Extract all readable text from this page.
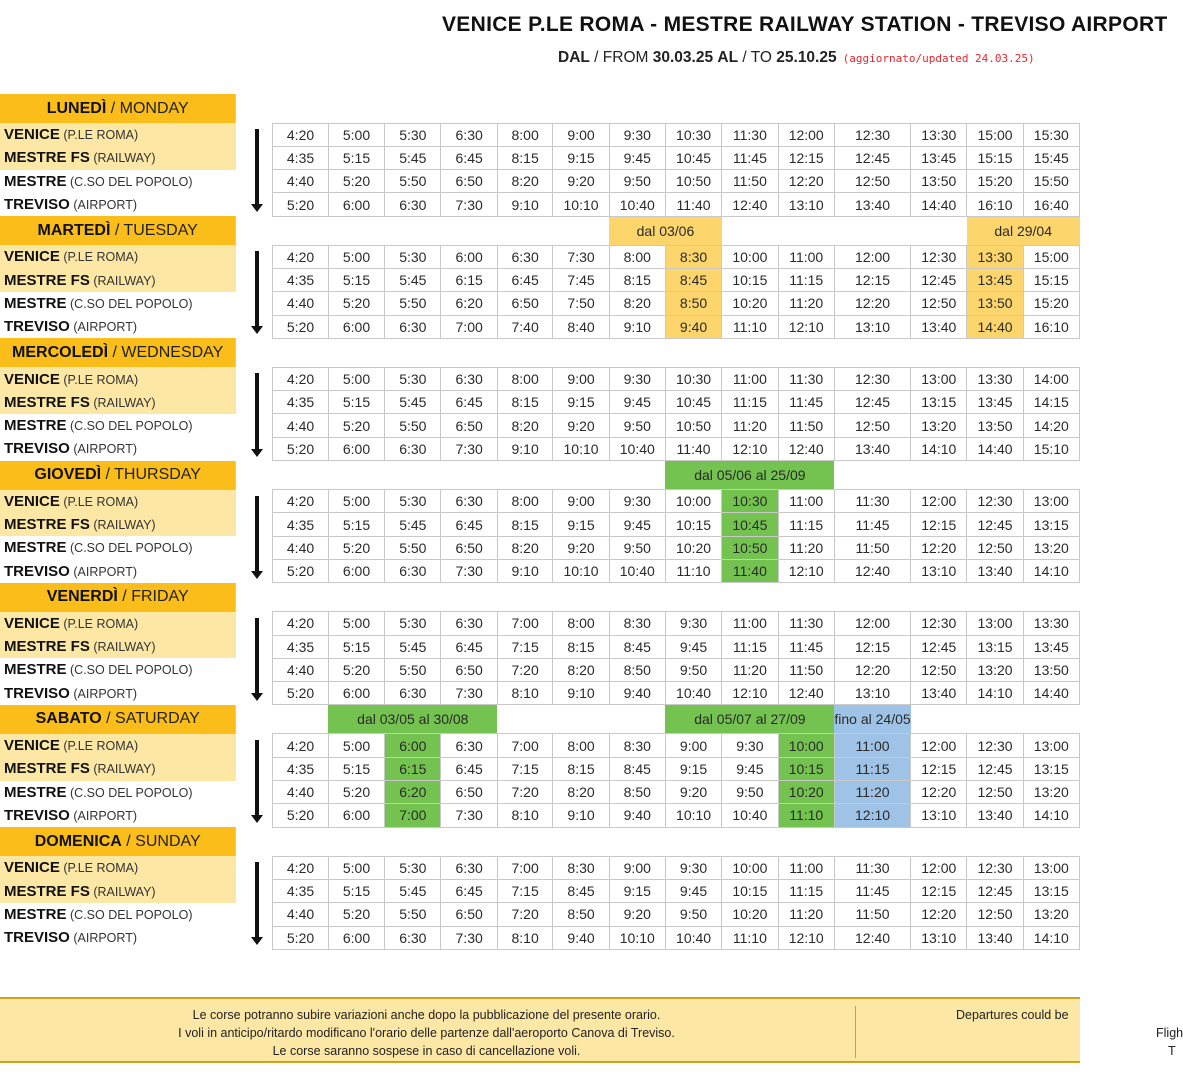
VENICE P.LE ROMA - MESTRE RAILWAY STATION - TREVISO AIRPORT
DAL / FROM 30.03.25 AL / TO 25.10.25 (aggiornato/updated 24.03.25)
LUNEDÌ / MONDAY															
VENICE (P.LE ROMA)		4:20	5:00	5:30	6:30	8:00	9:00	9:30	10:30	11:30	12:00	12:30	13:30	15:00	15:30
MESTRE FS (RAILWAY)		4:35	5:15	5:45	6:45	8:15	9:15	9:45	10:45	11:45	12:15	12:45	13:45	15:15	15:45
MESTRE (C.SO DEL POPOLO)		4:40	5:20	5:50	6:50	8:20	9:20	9:50	10:50	11:50	12:20	12:50	13:50	15:20	15:50
TREVISO (AIRPORT)		5:20	6:00	6:30	7:30	9:10	10:10	10:40	11:40	12:40	13:10	13:40	14:40	16:10	16:40
MARTEDÌ / TUESDAY								dal 03/06						dal 29/04	
VENICE (P.LE ROMA)		4:20	5:00	5:30	6:00	6:30	7:30	8:00	8:30	10:00	11:00	12:00	12:30	13:30	15:00
MESTRE FS (RAILWAY)		4:35	5:15	5:45	6:15	6:45	7:45	8:15	8:45	10:15	11:15	12:15	12:45	13:45	15:15
MESTRE (C.SO DEL POPOLO)		4:40	5:20	5:50	6:20	6:50	7:50	8:20	8:50	10:20	11:20	12:20	12:50	13:50	15:20
TREVISO (AIRPORT)		5:20	6:00	6:30	7:00	7:40	8:40	9:10	9:40	11:10	12:10	13:10	13:40	14:40	16:10
MERCOLEDÌ / WEDNESDAY															
VENICE (P.LE ROMA)		4:20	5:00	5:30	6:30	8:00	9:00	9:30	10:30	11:00	11:30	12:30	13:00	13:30	14:00
MESTRE FS (RAILWAY)		4:35	5:15	5:45	6:45	8:15	9:15	9:45	10:45	11:15	11:45	12:45	13:15	13:45	14:15
MESTRE (C.SO DEL POPOLO)		4:40	5:20	5:50	6:50	8:20	9:20	9:50	10:50	11:20	11:50	12:50	13:20	13:50	14:20
TREVISO (AIRPORT)		5:20	6:00	6:30	7:30	9:10	10:10	10:40	11:40	12:10	12:40	13:40	14:10	14:40	15:10
GIOVEDÌ / THURSDAY									dal 05/06 al 25/09						
VENICE (P.LE ROMA)		4:20	5:00	5:30	6:30	8:00	9:00	9:30	10:00	10:30	11:00	11:30	12:00	12:30	13:00
MESTRE FS (RAILWAY)		4:35	5:15	5:45	6:45	8:15	9:15	9:45	10:15	10:45	11:15	11:45	12:15	12:45	13:15
MESTRE (C.SO DEL POPOLO)		4:40	5:20	5:50	6:50	8:20	9:20	9:50	10:20	10:50	11:20	11:50	12:20	12:50	13:20
TREVISO (AIRPORT)		5:20	6:00	6:30	7:30	9:10	10:10	10:40	11:10	11:40	12:10	12:40	13:10	13:40	14:10
VENERDÌ / FRIDAY															
VENICE (P.LE ROMA)		4:20	5:00	5:30	6:30	7:00	8:00	8:30	9:30	11:00	11:30	12:00	12:30	13:00	13:30
MESTRE FS (RAILWAY)		4:35	5:15	5:45	6:45	7:15	8:15	8:45	9:45	11:15	11:45	12:15	12:45	13:15	13:45
MESTRE (C.SO DEL POPOLO)		4:40	5:20	5:50	6:50	7:20	8:20	8:50	9:50	11:20	11:50	12:20	12:50	13:20	13:50
TREVISO (AIRPORT)		5:20	6:00	6:30	7:30	8:10	9:10	9:40	10:40	12:10	12:40	13:10	13:40	14:10	14:40
SABATO / SATURDAY			dal 03/05 al 30/08						dal 05/07 al 27/09			fino al 24/05			
VENICE (P.LE ROMA)		4:20	5:00	6:00	6:30	7:00	8:00	8:30	9:00	9:30	10:00	11:00	12:00	12:30	13:00
MESTRE FS (RAILWAY)		4:35	5:15	6:15	6:45	7:15	8:15	8:45	9:15	9:45	10:15	11:15	12:15	12:45	13:15
MESTRE (C.SO DEL POPOLO)		4:40	5:20	6:20	6:50	7:20	8:20	8:50	9:20	9:50	10:20	11:20	12:20	12:50	13:20
TREVISO (AIRPORT)		5:20	6:00	7:00	7:30	8:10	9:10	9:40	10:10	10:40	11:10	12:10	13:10	13:40	14:10
DOMENICA / SUNDAY															
VENICE (P.LE ROMA)		4:20	5:00	5:30	6:30	7:00	8:30	9:00	9:30	10:00	11:00	11:30	12:00	12:30	13:00
MESTRE FS (RAILWAY)		4:35	5:15	5:45	6:45	7:15	8:45	9:15	9:45	10:15	11:15	11:45	12:15	12:45	13:15
MESTRE (C.SO DEL POPOLO)		4:40	5:20	5:50	6:50	7:20	8:50	9:20	9:50	10:20	11:20	11:50	12:20	12:50	13:20
TREVISO (AIRPORT)		5:20	6:00	6:30	7:30	8:10	9:40	10:10	10:40	11:10	12:10	12:40	13:10	13:40	14:10
Le corse potranno subire variazioni anche dopo la pubblicazione del presente orario.
I voli in anticipo/ritardo modificano l'orario delle partenze dall'aeroporto Canova di Treviso.
Le corse saranno sospese in caso di cancellazione voli.
Departures could be
Fligh
T
